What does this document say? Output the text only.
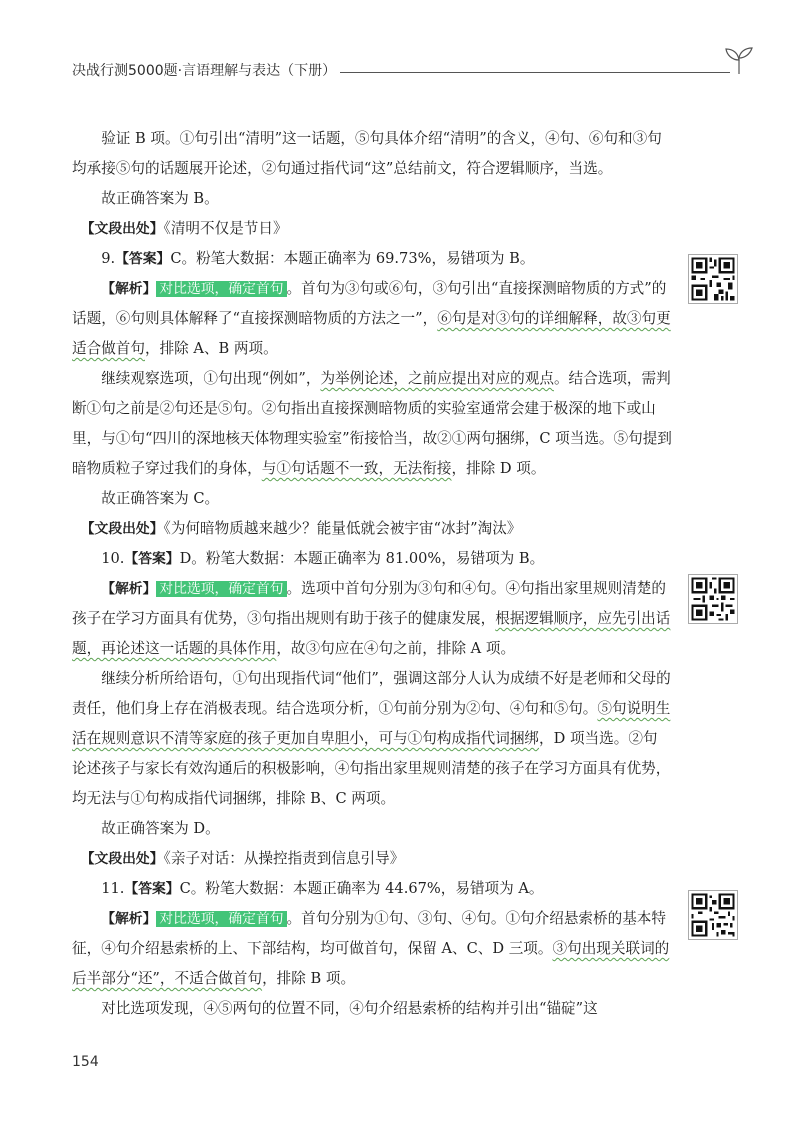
决战行测5000题·言语理解与表达（下册）

验证 B 项。①句引出“清明”这一话题，⑤句具体介绍“清明”的含义，④句、⑥句和③句均承接⑤句的话题展开论述，②句通过指代词“这”总结前文，符合逻辑顺序，当选。

故正确答案为 B。

【文段出处】《清明不仅是节日》

9.【答案】C。粉笔大数据：本题正确率为 69.73%，易错项为 B。

【解析】 对比选项，确定首句 。首句为③句或⑥句，③句引出“直接探测暗物质的方式”的话题，⑥句则具体解释了“直接探测暗物质的方法之一”，⑥句是对③句的详细解释，故③句更适合做首句，排除 A、B 两项。

继续观察选项，①句出现“例如”，为举例论述，之前应提出对应的观点。结合选项，需判断①句之前是②句还是⑤句。②句指出直接探测暗物质的实验室通常会建于极深的地下或山里，与①句“四川的深地核天体物理实验室”衔接恰当，故②①两句捆绑，C 项当选。⑤句提到暗物质粒子穿过我们的身体，与①句话题不一致，无法衔接，排除 D 项。

故正确答案为 C。

【文段出处】《为何暗物质越来越少？能量低就会被宇宙“冰封”淘汰》

10.【答案】D。粉笔大数据：本题正确率为 81.00%，易错项为 B。

【解析】 对比选项，确定首句 。选项中首句分别为③句和④句。④句指出家里规则清楚的孩子在学习方面具有优势，③句指出规则有助于孩子的健康发展，根据逻辑顺序，应先引出话题，再论述这一话题的具体作用，故③句应在④句之前，排除 A 项。

继续分析所给语句，①句出现指代词“他们”，强调这部分人认为成绩不好是老师和父母的责任，他们身上存在消极表现。结合选项分析，①句前分别为②句、④句和⑤句。⑤句说明生活在规则意识不清等家庭的孩子更加自卑胆小，可与①句构成指代词捆绑，D 项当选。②句论述孩子与家长有效沟通后的积极影响，④句指出家里规则清楚的孩子在学习方面具有优势，均无法与①句构成指代词捆绑，排除 B、C 两项。

故正确答案为 D。

【文段出处】《亲子对话：从操控指责到信息引导》

11.【答案】C。粉笔大数据：本题正确率为 44.67%，易错项为 A。

【解析】 对比选项，确定首句 。首句分别为①句、③句、④句。①句介绍悬索桥的基本特征，④句介绍悬索桥的上、下部结构，均可做首句，保留 A、C、D 三项。③句出现关联词的后半部分“还”，不适合做首句，排除 B 项。

对比选项发现，④⑤两句的位置不同，④句介绍悬索桥的结构并引出“锚碇”这

154
